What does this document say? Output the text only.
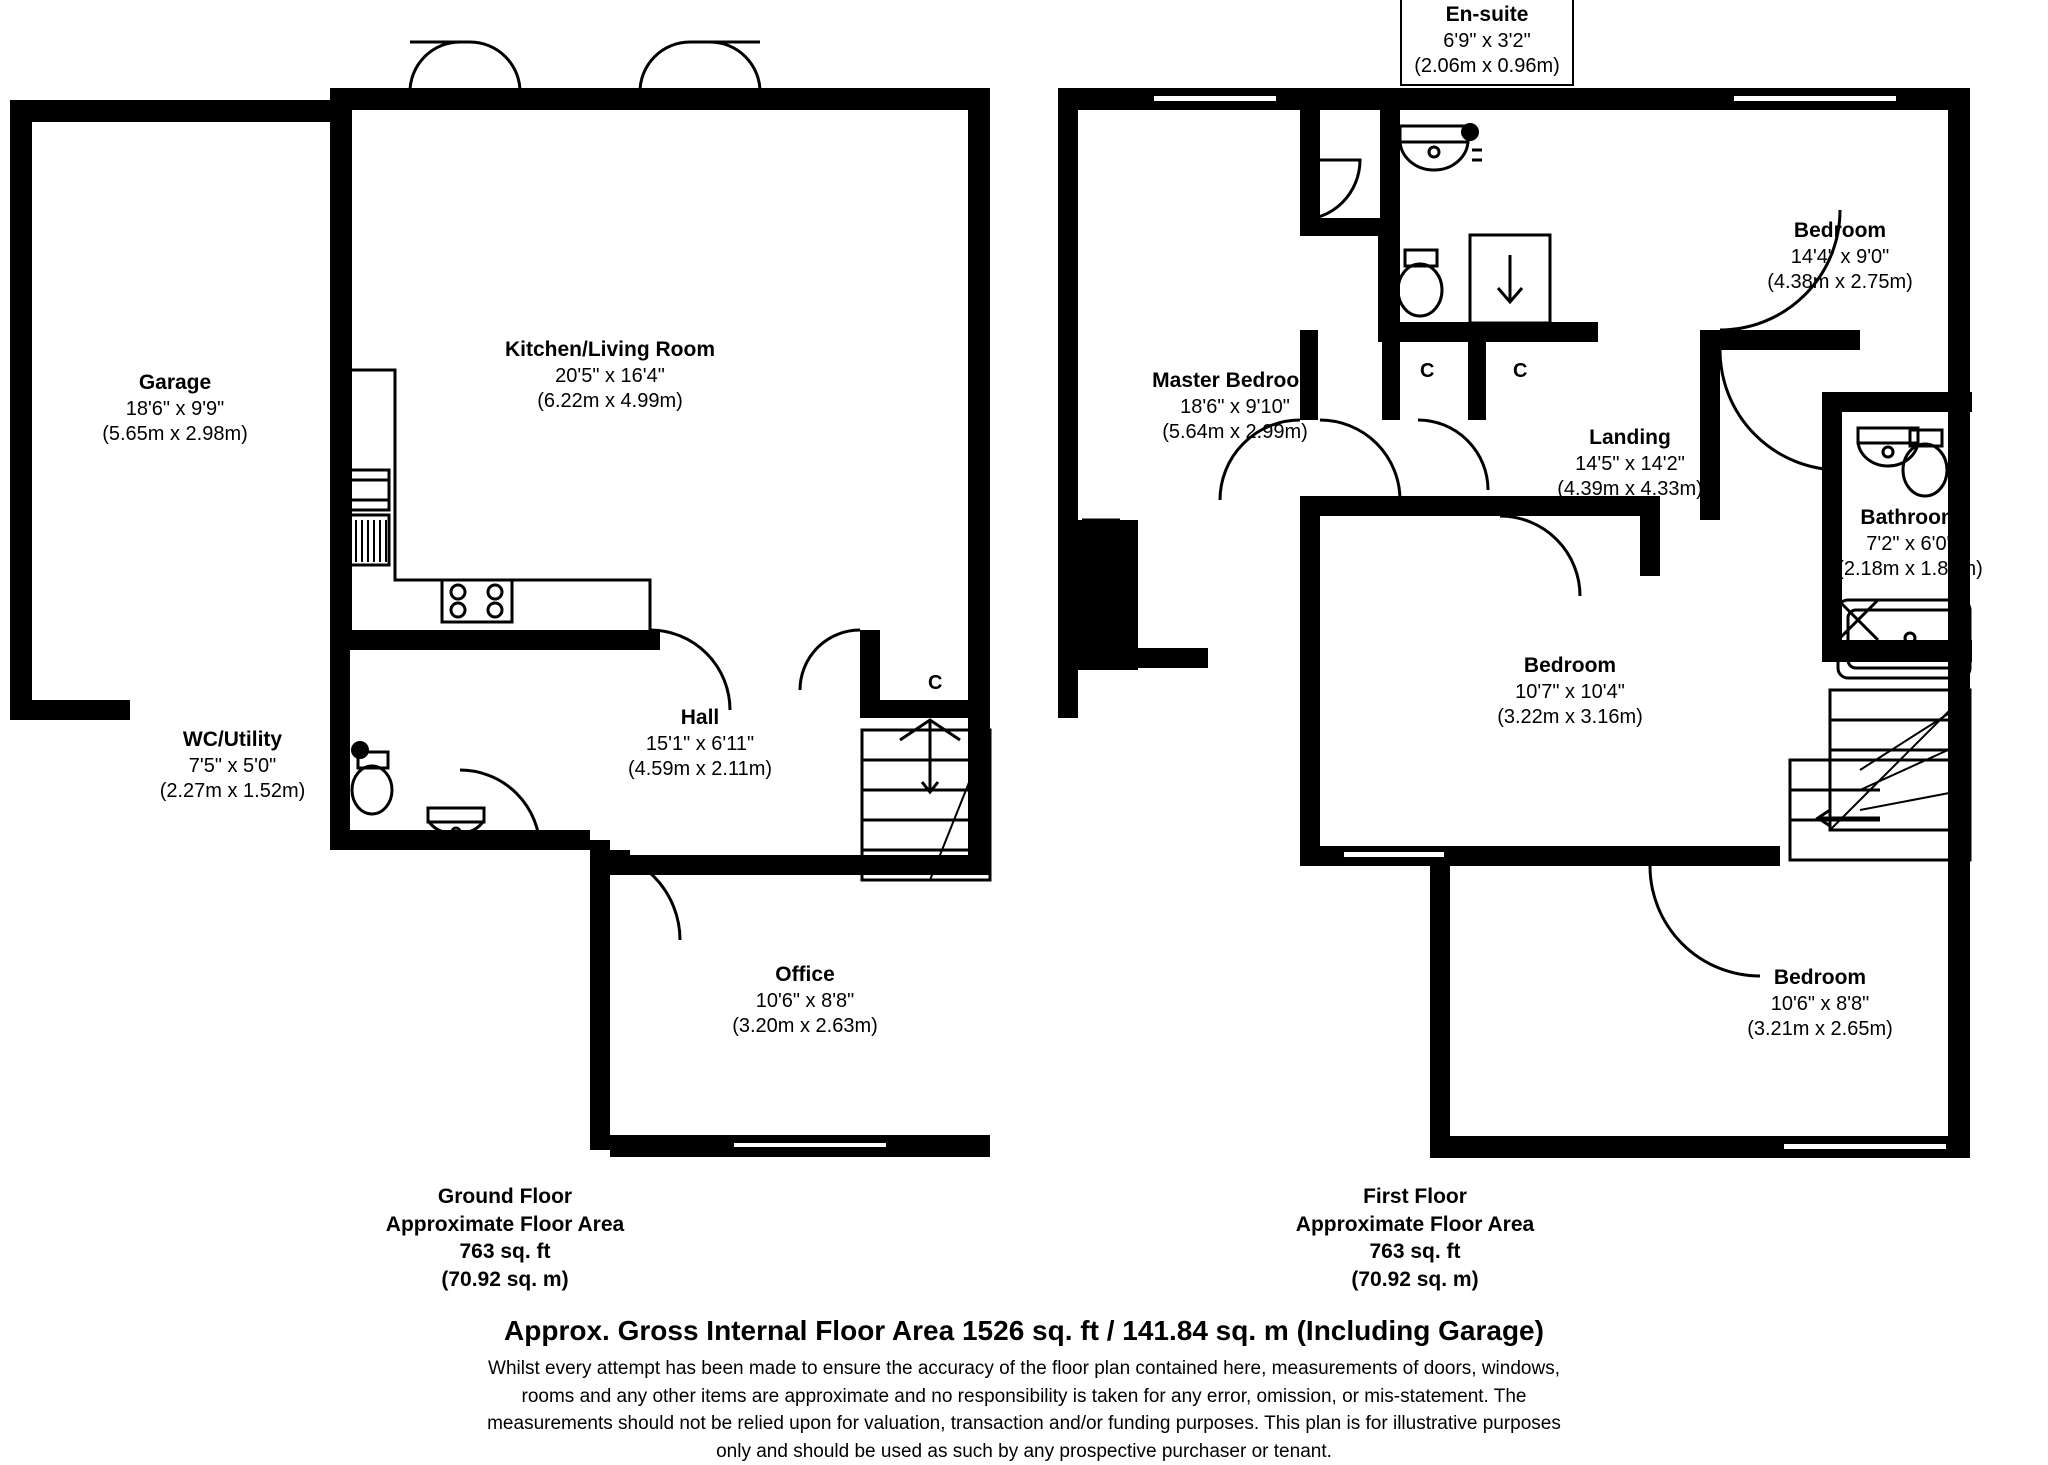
Garage
18'6" x 9'9"
(5.65m x 2.98m)
Kitchen/Living Room
20'5" x 16'4"
(6.22m x 4.99m)
WC/Utility
7'5" x 5'0"
(2.27m x 1.52m)
Hall
15'1" x 6'11"
(4.59m x 2.11m)
Office
10'6" x 8'8"
(3.20m x 2.63m)
C
Ground Floor
Approximate Floor Area
763 sq. ft
(70.92 sq. m)
En-suite
6'9" x 3'2"
(2.06m x 0.96m)
Bedroom
14'4" x 9'0"
(4.38m x 2.75m)
Master Bedroom
18'6" x 9'10"
(5.64m x 2.99m)	Landing
14'5" x 14'2"
(4.39m x 4.33m)
Bathroom
7'2" x 6'0"
(2.18m x 1.82m)
Bedroom
10'7" x 10'4"
(3.22m x 3.16m)
Bedroom
10'6" x 8'8"
(3.21m x 2.65m)
C	C
W
First Floor
Approximate Floor Area
763 sq. ft
(70.92 sq. m)
Approx. Gross Internal Floor Area 1526 sq. ft / 141.84 sq. m (Including Garage)
Whilst every attempt has been made to ensure the accuracy of the floor plan contained here, measurements of doors, windows,
rooms and any other items are approximate and no responsibility is taken for any error, omission, or mis-statement. The
measurements should not be relied upon for valuation, transaction and/or funding purposes. This plan is for illustrative purposes
only and should be used as such by any prospective purchaser or tenant.
